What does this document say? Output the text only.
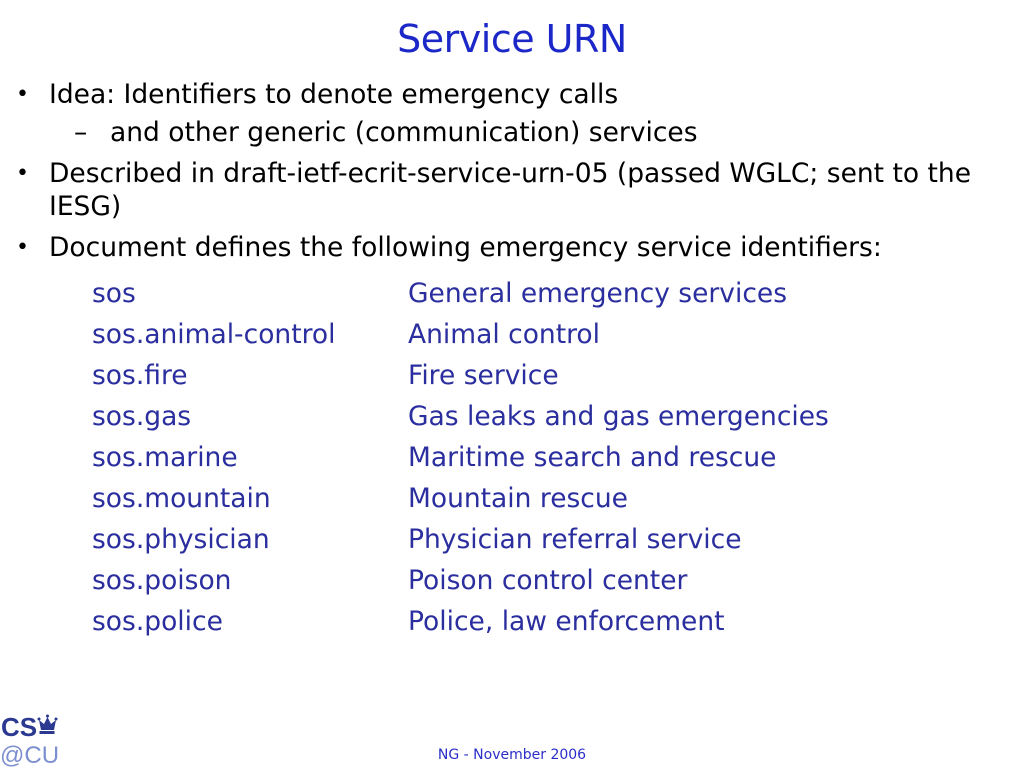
Service URN
• Idea: Identifiers to denote emergency calls
– and other generic (communication) services
• Described in draft-ietf-ecrit-service-urn-05 (passed WGLC; sent to the IESG)
• Document defines the following emergency service identifiers:
sos	General emergency services
sos.animal-control	Animal control
sos.fire	Fire service
sos.gas	Gas leaks and gas emergencies
sos.marine	Maritime search and rescue
sos.mountain	Mountain rescue
sos.physician	Physician referral service
sos.poison	Poison control center
sos.police	Police, law enforcement
CS
@CU	NG - November 2006
